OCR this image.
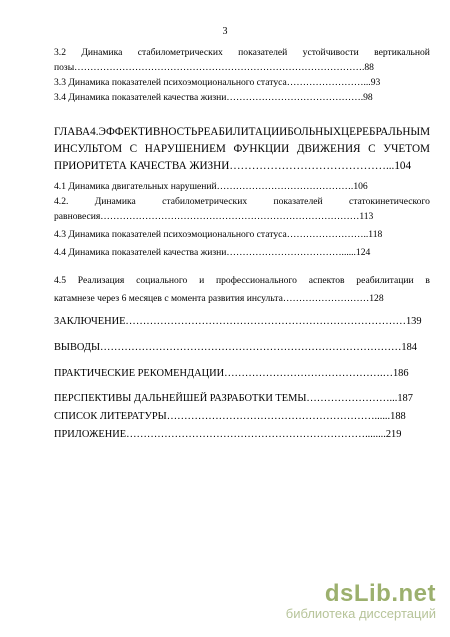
3
3.2 Динамика стабилометрических показателей устойчивости вертикальной
позы……………………………………………………………………………….88
3.3 Динамика показателей психоэмоционального статуса……………………...93
3.4 Динамика показателей качества жизни…………………………………….98
ГЛАВА 4. ЭФФЕКТИВНОСТЬ РЕАБИЛИТАЦИИ БОЛЬНЫХ ЦЕРЕБРАЛЬНЫМ
ИНСУЛЬТОМ С НАРУШЕНИЕМ ФУНКЦИИ ДВИЖЕНИЯ С УЧЕТОМ
ПРИОРИТЕТА КАЧЕСТВА ЖИЗНИ……………………………………...104
4.1 Динамика двигательных нарушений…………………………………….106
4.2.	Динамика	стабилометрических	показателей	статокинетического
равновесия………………………………………………………………………113
4.3 Динамика показателей психоэмоционального статуса……………………..118
4.4 Динамика показателей качества жизни………………………………......124
4.5 Реализация социального и профессионального аспектов реабилитации в
катамнезе через 6 месяцев с момента развития инсульта………………………128
ЗАКЛЮЧЕНИЕ………………………………………………………………………139
ВЫВОДЫ……………………………………………………………………………184
ПРАКТИЧЕСКИЕ РЕКОМЕНДАЦИИ……………………………………….…186
ПЕРСПЕКТИВЫ ДАЛЬНЕЙШЕЙ РАЗРАБОТКИ ТЕМЫ……………………...187
СПИСОК ЛИТЕРАТУРЫ……………………………………………………......188
ПРИЛОЖЕНИЕ……………………………………………………………........219
dsLib.net
библиотека диссертаций
